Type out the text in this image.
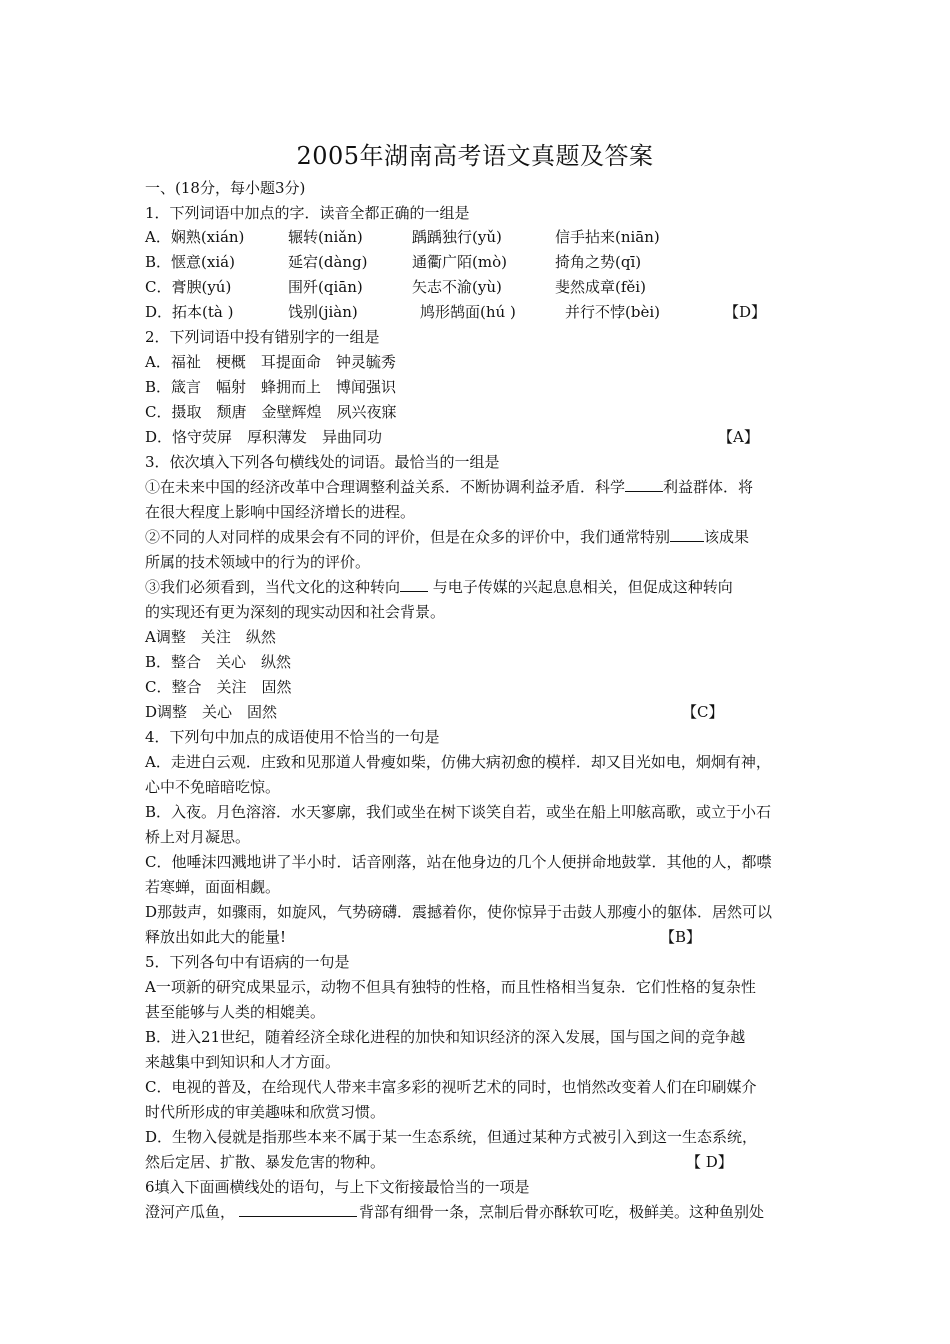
2005年湖南高考语文真题及答案
一、(18分，每小题3分)
1．下列词语中加点的字．读音全都正确的一组是
A．娴熟(xián)	辗转(niǎn)	踽踽独行(yǔ)	信手拈来(niān)
B．惬意(xiá)	延宕(dàng)	通衢广陌(mò)	掎角之势(qī)
C．膏腴(yú)	围歼(qiān)	矢志不渝(yù)	斐然成章(fěi)
D．拓本(tà )	饯别(jiàn)	鸠形鹄面(hú )	并行不悖(bèi)	【D】
2．下列词语中投有错别字的一组是
A．福祉　梗概　耳提面命　钟灵毓秀
B．箴言　幅射　蜂拥而上　博闻强识
C．摄取　颓唐　金壁辉煌　夙兴夜寐
D．恪守荧屏　厚积薄发　异曲同功	【A】
3．依次填入下列各句横线处的词语。最恰当的一组是
①在未来中国的经济改革中合理调整利益关系．不断协调利益矛盾．科学	利益群体．将
在很大程度上影响中国经济增长的进程。
②不同的人对同样的成果会有不同的评价，但是在众多的评价中，我们通常特别 该成果
所属的技术领域中的行为的评价。
③我们必须看到，当代文化的这种转向 与电子传媒的兴起息息相关，但促成这种转向
的实现还有更为深刻的现实动因和社会背景。
A调整　关注　纵然
B．整合　关心　纵然
C．整合　关注　固然
D调整　关心　固然	【C】
4．下列句中加点的成语使用不恰当的一句是
A．走进白云观．庄致和见那道人骨瘦如柴，仿佛大病初愈的模样．却又目光如电，炯炯有神，
心中不免暗暗吃惊。
B．入夜。月色溶溶．水天寥廓，我们或坐在树下谈笑自若，或坐在船上叩舷高歌，或立于小石
桥上对月凝思。
C．他唾沫四溅地讲了半小时．话音刚落，站在他身边的几个人便拼命地鼓掌．其他的人，都噤
若寒蝉，面面相觑。
D那鼓声，如骤雨，如旋风，气势磅礴．震撼着你，使你惊异于击鼓人那瘦小的躯体．居然可以
释放出如此大的能量!	【B】
5．下列各句中有语病的一句是
A一项新的研究成果显示，动物不但具有独特的性格，而且性格相当复杂．它们性格的复杂性
甚至能够与人类的相媲美。
B．进入21世纪，随着经济全球化进程的加快和知识经济的深入发展，国与国之间的竞争越
来越集中到知识和人才方面。
C．电视的普及，在给现代人带来丰富多彩的视听艺术的同时，也悄然改变着人们在印刷媒介
时代所形成的审美趣味和欣赏习惯。
D．生物入侵就是指那些本来不属于某一生态系统，但通过某种方式被引入到这一生态系统，
然后定居、扩散、暴发危害的物种。	【 D】
6填入下面画横线处的语句，与上下文衔接最恰当的一项是
澄河产瓜鱼，	背部有细骨一条，烹制后骨亦酥软可吃，极鲜美。这种鱼别处
